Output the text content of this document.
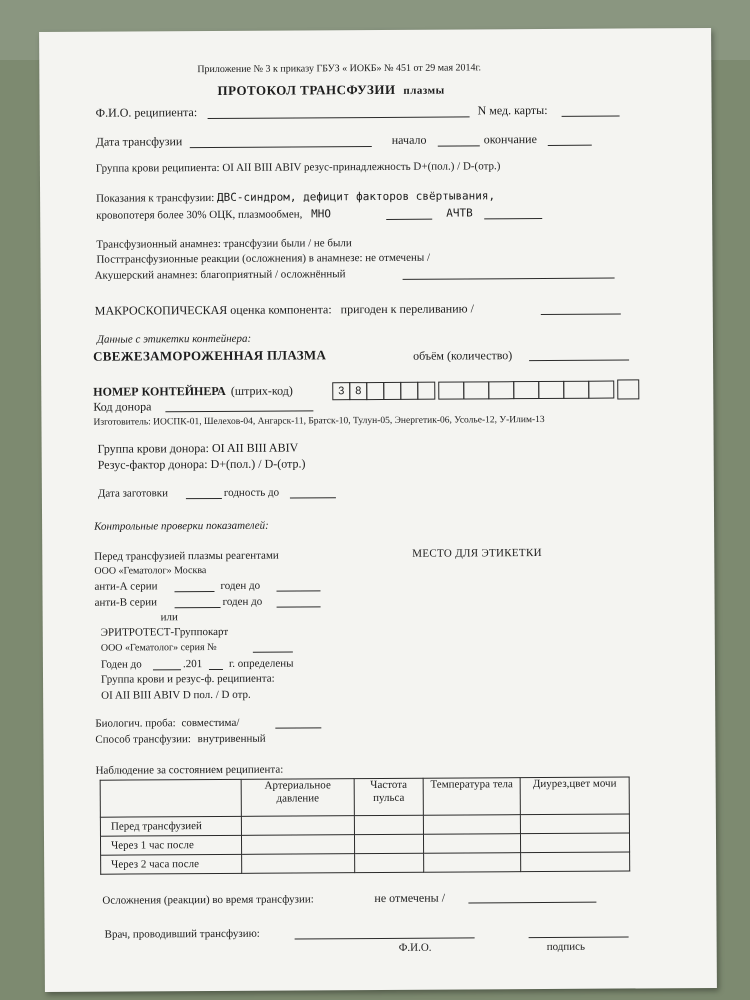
Приложение № 3 к приказу ГБУЗ « ИОКБ» № 451 от 29 мая 2014г.
ПРОТОКОЛ ТРАНСФУЗИИ плазмы
Ф.И.О. реципиента:	N мед. карты:
Дата трансфузии	начало	окончание
Группа крови реципиента: OI AII BIII ABIV резус-принадлежность D+(пол.) / D-(отр.)
Показания к трансфузии: ДВС-синдром, дефицит факторов свёртывания,
кровопотеря более 30% ОЦК, плазмообмен, МНО	АЧТВ
Трансфузионный анамнез: трансфузии были / не были
Посттрансфузионные реакции (осложнения) в анамнезе: не отмечены /
Акушерский анамнез: благоприятный / осложнённый
МАКРОСКОПИЧЕСКАЯ оценка компонента: пригоден к переливанию /
Данные с этикетки контейнера:
СВЕЖЕЗАМОРОЖЕННАЯ ПЛАЗМА	объём (количество)
НОМЕР КОНТЕЙНЕРА (штрих-код)	3 8
Код донора
Изготовитель: ИОСПК-01, Шелехов-04, Ангарск-11, Братск-10, Тулун-05, Энергетик-06, Усолье-12, У-Илим-13
Группа крови донора: OI AII BIII ABIV
Резус-фактор донора: D+(пол.) / D-(отр.)
Дата заготовки	годность до
Контрольные проверки показателей:
Перед трансфузией плазмы реагентами
ООО «Гематолог» Москва
МЕСТО ДЛЯ ЭТИКЕТКИ
анти-А серии	годен до
анти-В серии	годен до
или
ЭРИТРОТЕСТ-Группокарт
ООО «Гематолог» серия №
Годен до	.201 г. определены
Группа крови и резус-ф. реципиента:
OI AII BIII ABIV D пол. / D отр.
Биологич. проба: совместима/
Способ трансфузии: внутривенный
Наблюдение за состоянием реципиента:
	Артериальное давление	Частота пульса	Температура тела	Диурез,цвет мочи
Перед трансфузией				
Через 1 час после				
Через 2 часа после				
Осложнения (реакции) во время трансфузии:	не отмечены /
Врач, проводивший трансфузию:
Ф.И.О.	подпись
